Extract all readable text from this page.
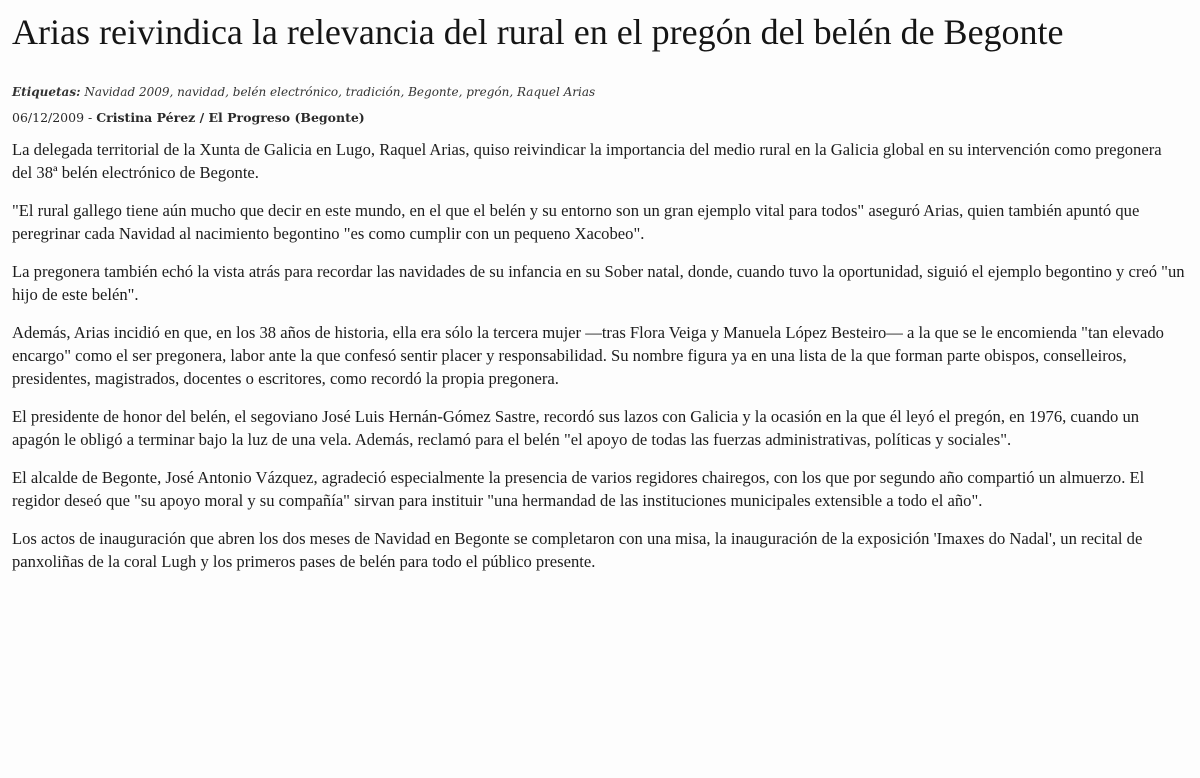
Arias reivindica la relevancia del rural en el pregón del belén de Begonte

Etiquetas: Navidad 2009, navidad, belén electrónico, tradición, Begonte, pregón, Raquel Arias

06/12/2009 - Cristina Pérez / El Progreso (Begonte)

La delegada territorial de la Xunta de Galicia en Lugo, Raquel Arias, quiso reivindicar la importancia del medio rural en la Galicia global en su intervención como pregonera del 38ª belén electrónico de Begonte.

"El rural gallego tiene aún mucho que decir en este mundo, en el que el belén y su entorno son un gran ejemplo vital para todos" aseguró Arias, quien también apuntó que peregrinar cada Navidad al nacimiento begontino "es como cumplir con un pequeno Xacobeo".

La pregonera también echó la vista atrás para recordar las navidades de su infancia en su Sober natal, donde, cuando tuvo la oportunidad, siguió el ejemplo begontino y creó "un hijo de este belén".

Además, Arias incidió en que, en los 38 años de historia, ella era sólo la tercera mujer —tras Flora Veiga y Manuela López Besteiro— a la que se le encomienda "tan elevado encargo" como el ser pregonera, labor ante la que confesó sentir placer y responsabilidad. Su nombre figura ya en una lista de la que forman parte obispos, conselleiros, presidentes, magistrados, docentes o escritores, como recordó la propia pregonera.

El presidente de honor del belén, el segoviano José Luis Hernán-Gómez Sastre, recordó sus lazos con Galicia y la ocasión en la que él leyó el pregón, en 1976, cuando un apagón le obligó a terminar bajo la luz de una vela. Además, reclamó para el belén "el apoyo de todas las fuerzas administrativas, políticas y sociales".

El alcalde de Begonte, José Antonio Vázquez, agradeció especialmente la presencia de varios regidores chairegos, con los que por segundo año compartió un almuerzo. El regidor deseó que "su apoyo moral y su compañía" sirvan para instituir "una hermandad de las instituciones municipales extensible a todo el año".

Los actos de inauguración que abren los dos meses de Navidad en Begonte se completaron con una misa, la inauguración de la exposición 'Imaxes do Nadal', un recital de panxoliñas de la coral Lugh y los primeros pases de belén para todo el público presente.
